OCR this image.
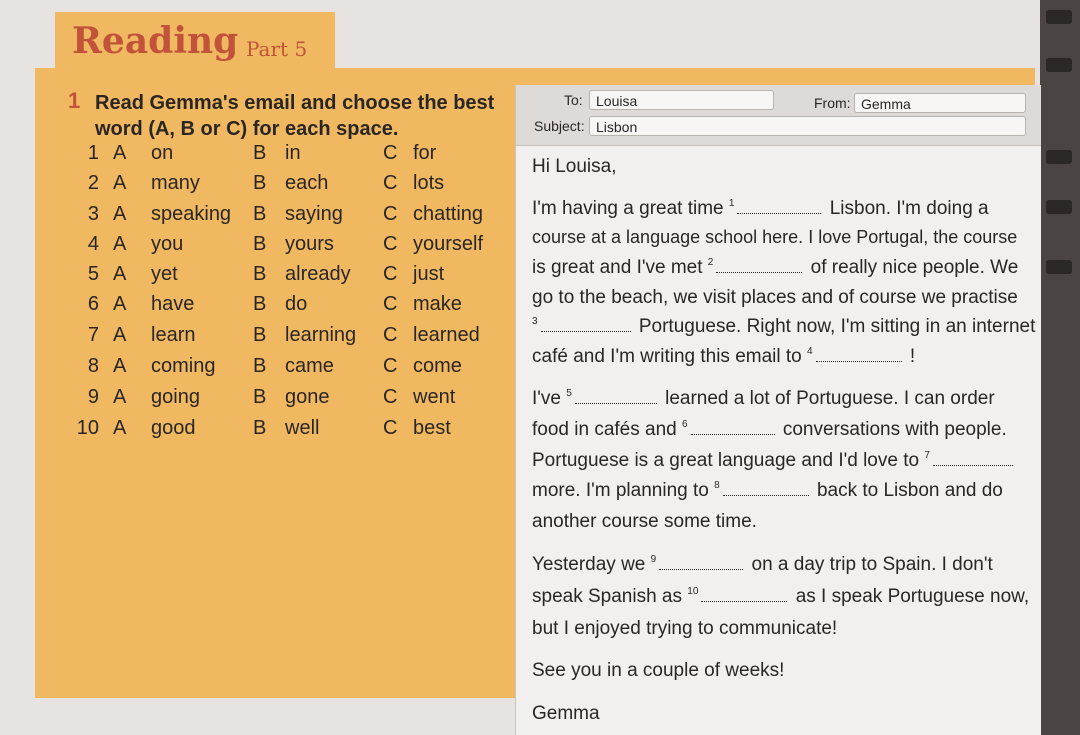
Reading Part 5
1 Read Gemma's email and choose the best
word (A, B or C) for each space.
1 A on	B in	C for
2 A many	B each	C lots
3 A speaking B saying C chatting
4 A you	B yours C yourself
5 A yet	B already C just
6 A have	B do	C make
7 A learn	B learning C learned
8 A coming B came C come
9 A going	B gone	C went
10 A good	B well	C best
To: Louisa	From: Gemma
Subject: Lisbon
Hi Louisa,
I'm having a great time $^1$	Lisbon. I'm doing a
course at a language school here. I love Portugal, the course
is great and I've met $^2$	of really nice people. We
go to the beach, we visit places and of course we practise
$^3$	Portuguese. Right now, I'm sitting in an internet
café and I'm writing this email to $^4$	!
I've $^5$	learned a lot of Portuguese. I can order
food in cafés and $^6$	conversations with people.
Portuguese is a great language and I'd love to $^7$
more. I'm planning to $^8$	back to Lisbon and do
another course some time.
Yesterday we $^9$	on a day trip to Spain. I don't
speak Spanish as $^{10}$	as I speak Portuguese now,
but I enjoyed trying to communicate!
See you in a couple of weeks!
Gemma
